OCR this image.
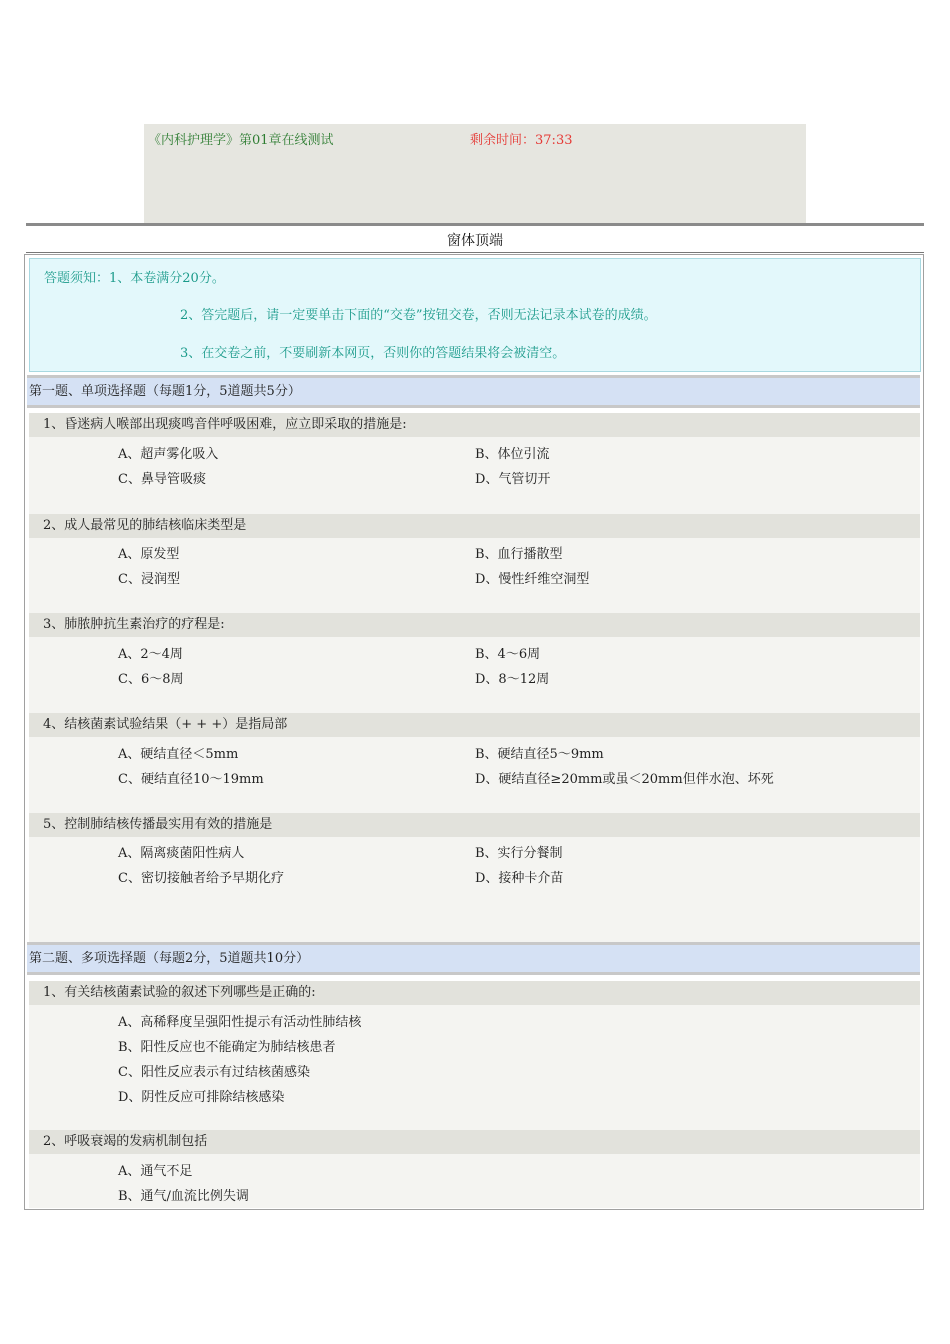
《内科护理学》第01章在线测试	剩余时间：37:33
窗体顶端
答题须知：1、本卷满分20分。
2、答完题后，请一定要单击下面的“交卷”按钮交卷，否则无法记录本试卷的成绩。
3、在交卷之前，不要刷新本网页，否则你的答题结果将会被清空。
第一题、单项选择题（每题1分，5道题共5分）
1、昏迷病人喉部出现痰鸣音伴呼吸困难，应立即采取的措施是:
A、超声雾化吸入	B、体位引流
C、鼻导管吸痰	D、气管切开
2、成人最常见的肺结核临床类型是
A、原发型	B、血行播散型
C、浸润型	D、慢性纤维空洞型
3、肺脓肿抗生素治疗的疗程是:
A、2～4周	B、4～6周
C、6～8周	D、8～12周
4、结核菌素试验结果（+ + +）是指局部
A、硬结直径＜5mm	B、硬结直径5～9mm
C、硬结直径10～19mm	D、硬结直径≥20mm或虽＜20mm但伴水泡、坏死
5、控制肺结核传播最实用有效的措施是
A、隔离痰菌阳性病人	B、实行分餐制
C、密切接触者给予早期化疗	D、接种卡介苗
第二题、多项选择题（每题2分，5道题共10分）
1、有关结核菌素试验的叙述下列哪些是正确的:
A、高稀释度呈强阳性提示有活动性肺结核
B、阳性反应也不能确定为肺结核患者
C、阳性反应表示有过结核菌感染
D、阴性反应可排除结核感染
2、呼吸衰竭的发病机制包括
A、通气不足
B、通气/血流比例失调
